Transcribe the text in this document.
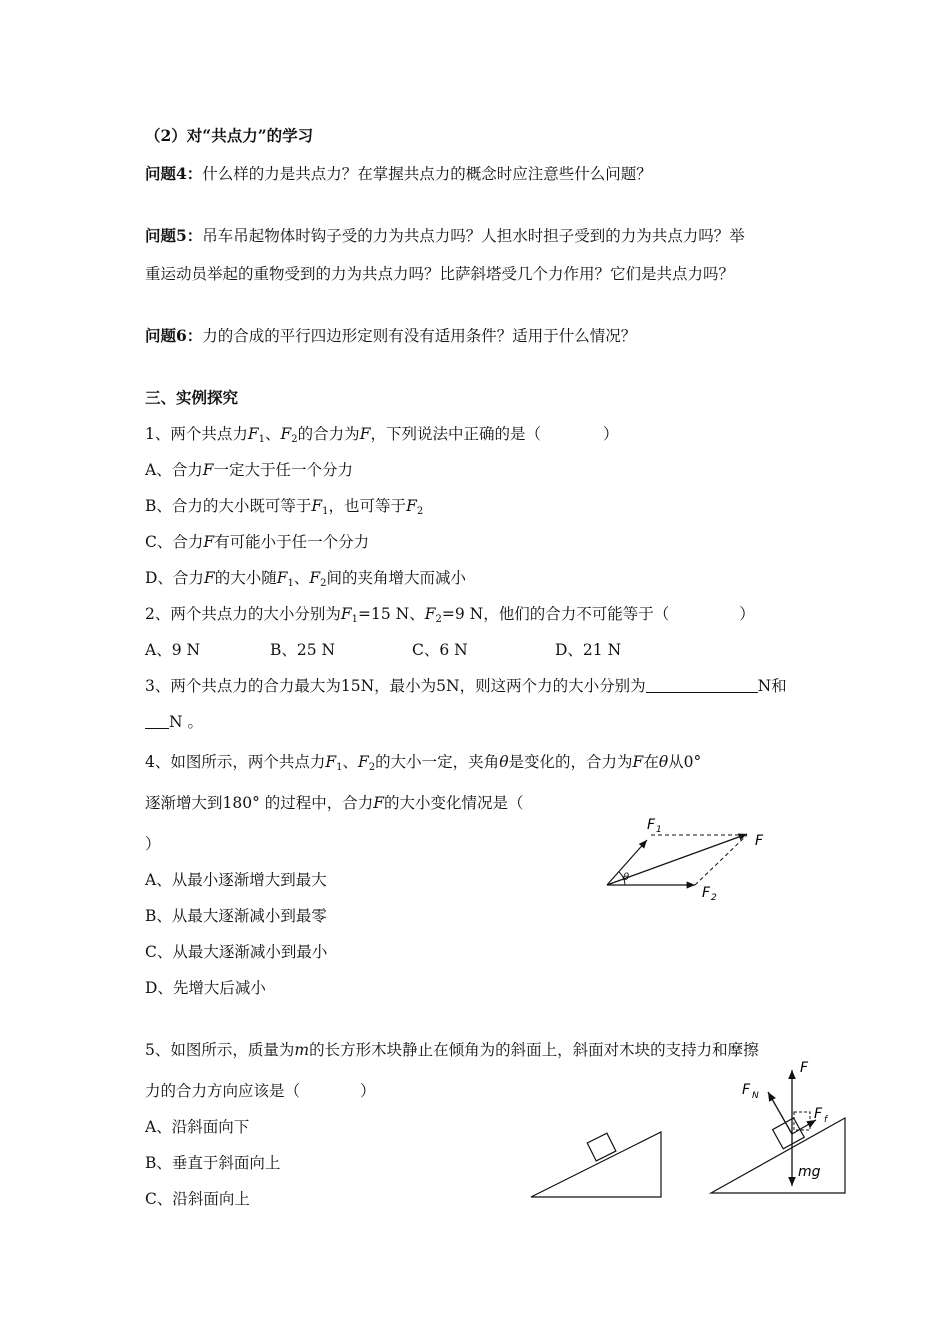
（2）对“共点力”的学习
问题4：什么样的力是共点力？在掌握共点力的概念时应注意些什么问题？
问题5：吊车吊起物体时钩子受的力为共点力吗？人担水时担子受到的力为共点力吗？举
重运动员举起的重物受到的力为共点力吗？比萨斜塔受几个力作用？它们是共点力吗？
问题6：力的合成的平行四边形定则有没有适用条件？适用于什么情况？
三、实例探究
1、两个共点力$F_1$、$F_2$的合力为F，下列说法中正确的是（	）
A、合力F一定大于任一个分力
B、合力的大小既可等于$F_1$，也可等于$F_2$
C、合力F有可能小于任一个分力
D、合力F的大小随$F_1$、$F_2$间的夹角增大而减小
2、两个共点力的大小分别为$F_1=15$ N、$F_2=9$ N，他们的合力不可能等于（	）
A、9 N	B、25 N	C、6 N	D、21 N
3、两个共点力的合力最大为15N，最小为5N，则这两个力的大小分别为	N和
N 。
4、如图所示，两个共点力$F_1$、$F_2$的大小一定，夹角θ是变化的，合力为F在θ从0°
逐渐增大到180° 的过程中，合力F的大小变化情况是（
）
A、从最小逐渐增大到最大
B、从最大逐渐减小到最零
C、从最大逐渐减小到最小
D、先增大后减小
θ
F 1
F
F 2
5、如图所示，质量为m的长方形木块静止在倾角为的斜面上，斜面对木块的支持力和摩擦
力的合力方向应该是（	）
A、沿斜面向下
B、垂直于斜面向上
C、沿斜面向上
F N
F
F f
mg
